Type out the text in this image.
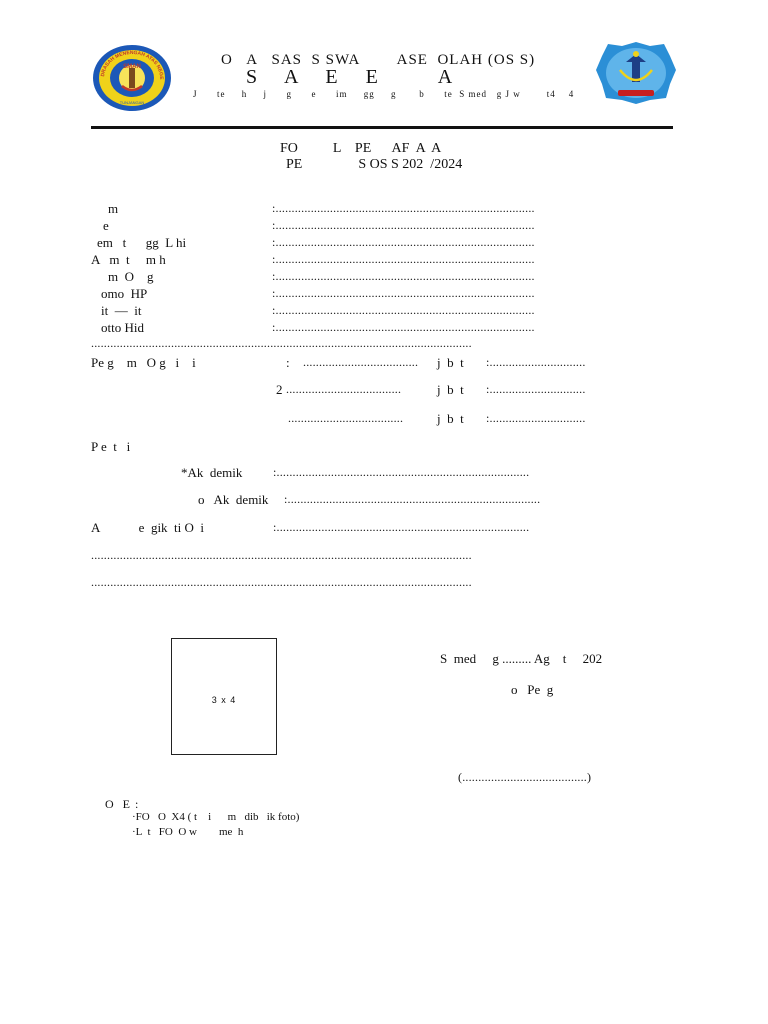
SMAN
TUNJANGAN
DRASAH MENENGAH ATAS NEGE
O   A   SAS  S SWA        ASE  OLAH (OS S)
S  A  E  E     A
J      te     h     j      g      e      im     gg     g       b      te  S med   g J w        t4    4
FO          L    PE      AF  A  A
PE                S OS S 202  /2024
m	:.................................................................................
e	:.................................................................................
em   t      gg  L hi	:.................................................................................
A   m  t     m h	:.................................................................................
m  O    g	:.................................................................................
omo  HP	:.................................................................................
it  —  it	:.................................................................................
otto Hid	:.................................................................................
.......................................................................................................................
Pe g    m   O g   i    i	: .................................... j  b  t :..............................
2 ....................................	j  b  t :..............................
....................................	j  b  t :..............................
P e  t   i
*Ak  demik	:...............................................................................
o   Ak  demik :...............................................................................
A            e  gik  ti O  i	:...............................................................................
.......................................................................................................................
.......................................................................................................................
3 x 4
S  med     g ......... Ag    t     202
o   Pe  g
(.......................................)
O  E :
·FO   O  X4 ( t    i      m   dib   ik foto)
·L  t   FO  O w        me  h
